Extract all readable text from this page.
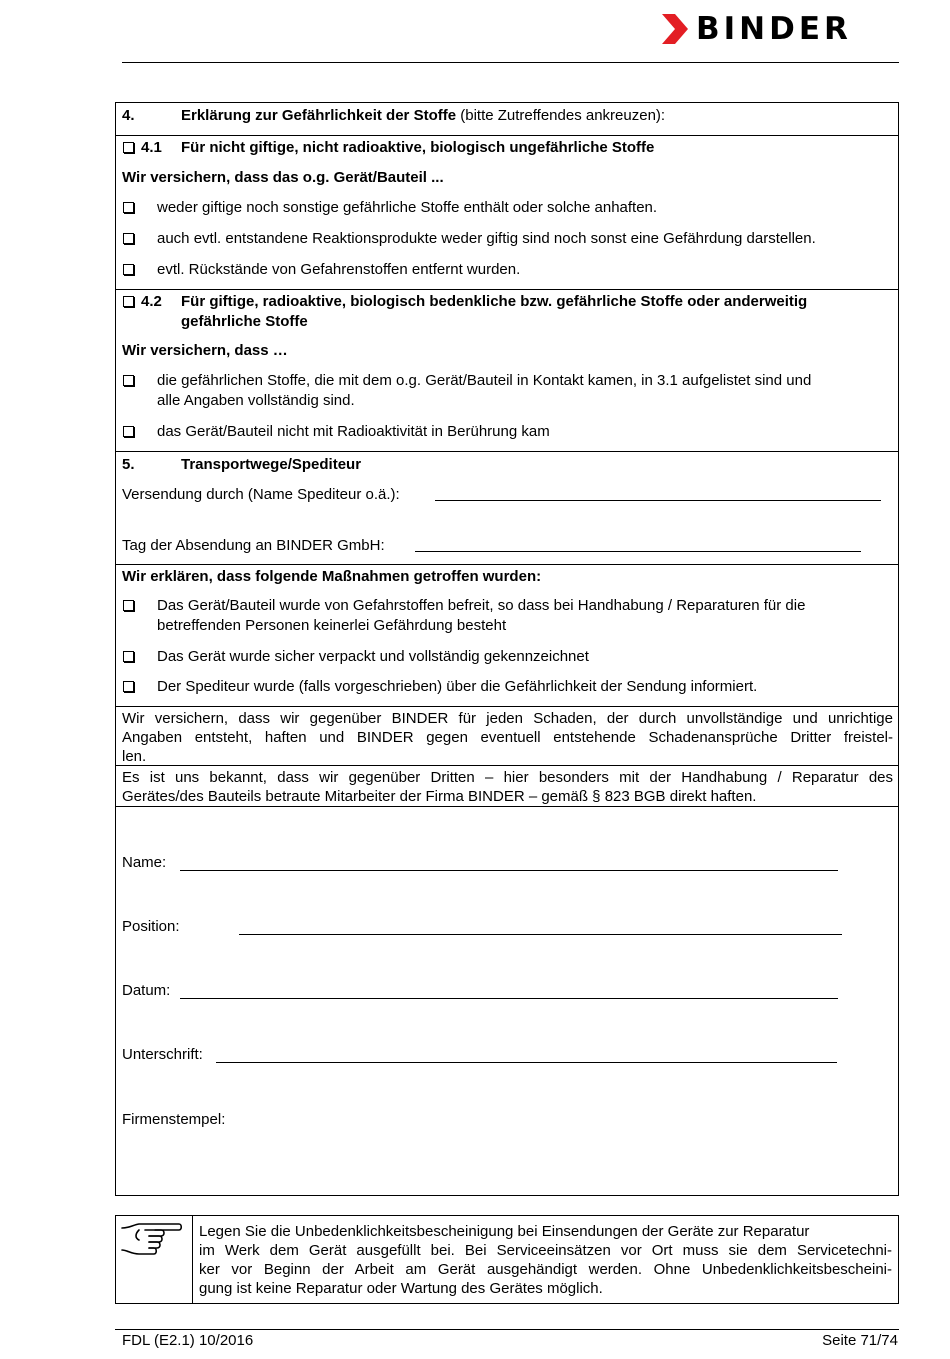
BINDER
4.	Erklärung zur Gefährlichkeit der Stoffe (bitte Zutreffendes ankreuzen):
4.1 Für nicht giftige, nicht radioaktive, biologisch ungefährliche Stoffe
Wir versichern, dass das o.g. Gerät/Bauteil ...
weder giftige noch sonstige gefährliche Stoffe enthält oder solche anhaften.
auch evtl. entstandene Reaktionsprodukte weder giftig sind noch sonst eine Gefährdung darstellen.
evtl. Rückstände von Gefahrenstoffen entfernt wurden.
4.2 Für giftige, radioaktive, biologisch bedenkliche bzw. gefährliche Stoffe oder anderweitig
gefährliche Stoffe
Wir versichern, dass …
die gefährlichen Stoffe, die mit dem o.g. Gerät/Bauteil in Kontakt kamen, in 3.1 aufgelistet sind und
alle Angaben vollständig sind.
das Gerät/Bauteil nicht mit Radioaktivität in Berührung kam
5.	Transportwege/Spediteur
Versendung durch (Name Spediteur o.ä.):
Tag der Absendung an BINDER GmbH:
Wir erklären, dass folgende Maßnahmen getroffen wurden:
Das Gerät/Bauteil wurde von Gefahrstoffen befreit, so dass bei Handhabung / Reparaturen für die
betreffenden Personen keinerlei Gefährdung besteht
Das Gerät wurde sicher verpackt und vollständig gekennzeichnet
Der Spediteur wurde (falls vorgeschrieben) über die Gefährlichkeit der Sendung informiert.
Wir versichern, dass wir gegenüber BINDER für jeden Schaden, der durch unvollständige und unrichtige
Angaben entsteht, haften und BINDER gegen eventuell entstehende Schadenansprüche Dritter freistel-
len.
Es ist uns bekannt, dass wir gegenüber Dritten – hier besonders mit der Handhabung / Reparatur des
Gerätes/des Bauteils betraute Mitarbeiter der Firma BINDER – gemäß § 823 BGB direkt haften.
Name:
Position:
Datum:
Unterschrift:
Firmenstempel:
Legen Sie die Unbedenklichkeitsbescheinigung bei Einsendungen der Geräte zur Reparatur
im Werk dem Gerät ausgefüllt bei. Bei Serviceeinsätzen vor Ort muss sie dem Servicetechni-
ker vor Beginn der Arbeit am Gerät ausgehändigt werden. Ohne Unbedenklichkeitsbescheini-
gung ist keine Reparatur oder Wartung des Gerätes möglich.
FDL (E2.1) 10/2016	Seite 71/74
